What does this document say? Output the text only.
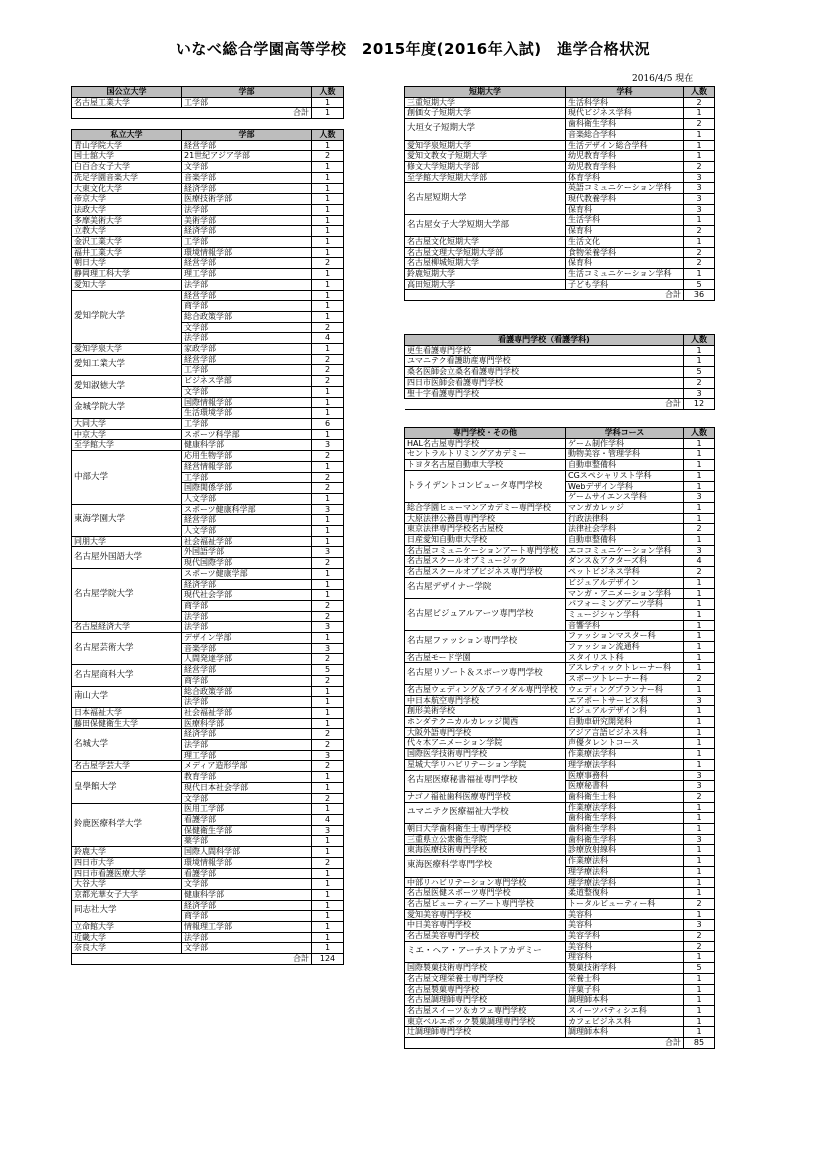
いなべ総合学園高等学校　2015年度(2016年入試)　進学合格状況
2016/4/5 現在
国公立大学	学部	人数
名古屋工業大学	工学部	1
	合計	1
私立大学	学部	人数
青山学院大学	経営学部	1
国士舘大学	21世紀アジア学部	2
白百合女子大学	文学部	1
洗足学園音楽大学	音楽学部	1
大東文化大学	経済学部	1
帝京大学	医療技術学部	1
法政大学	法学部	1
多摩美術大学	美術学部	1
立教大学	経済学部	1
金沢工業大学	工学部	1
福井工業大学	環境情報学部	1
朝日大学	経営学部	2
静岡理工科大学	理工学部	1
愛知大学	法学部	1
愛知学院大学	経営学部	1
	商学部	1
	総合政策学部	1
	文学部	2
	法学部	4
愛知学泉大学	家政学部	1
愛知工業大学	経営学部	2
	工学部	2
愛知淑徳大学	ビジネス学部	2
	文学部	1
金城学院大学	国際情報学部	1
	生活環境学部	1
大同大学	工学部	6
中京大学	スポーツ科学部	1
至学館大学	健康科学部	3
中部大学	応用生物学部	2
	経営情報学部	1
	工学部	2
	国際関係学部	2
	人文学部	1
東海学園大学	スポーツ健康科学部	3
	経営学部	1
	人文学部	1
同朋大学	社会福祉学部	1
名古屋外国語大学	外国語学部	3
	現代国際学部	2
名古屋学院大学	スポーツ健康学部	1
	経済学部	1
	現代社会学部	1
	商学部	2
	法学部	2
名古屋経済大学	法学部	3
名古屋芸術大学	デザイン学部	1
	音楽学部	3
	人間発達学部	2
名古屋商科大学	経営学部	5
	商学部	2
南山大学	総合政策学部	1
	法学部	1
日本福祉大学	社会福祉学部	1
藤田保健衛生大学	医療科学部	1
名城大学	経済学部	2
	法学部	2
	理工学部	3
名古屋学芸大学	メディア造形学部	2
皇學館大学	教育学部	1
	現代日本社会学部	1
	文学部	2
鈴鹿医療科学大学	医用工学部	1
	看護学部	4
	保健衛生学部	3
	薬学部	1
鈴鹿大学	国際人間科学部	1
四日市大学	環境情報学部	2
四日市看護医療大学	看護学部	1
大谷大学	文学部	1
京都光華女子大学	健康科学部	1
同志社大学	経済学部	1
	商学部	1
立命館大学	情報理工学部	1
近畿大学	法学部	1
奈良大学	文学部	1
	合計	124
短期大学	学科	人数
三重短期大学	生活科学科	2
創価女子短期大学	現代ビジネス学科	1
大垣女子短期大学	歯科衛生学科	2
	音楽総合学科	1
愛知学泉短期大学	生活デザイン総合学科	1
愛知文教女子短期大学	幼児教育学科	1
修文大学短期大学部	幼児教育学科	2
至学館大学短期大学部	体育学科	3
名古屋短期大学	英語コミュニケーション学科	3
	現代教養学科	3
	保育科	3
名古屋女子大学短期大学部	生活学科	1
	保育科	2
名古屋文化短期大学	生活文化	1
名古屋文理大学短期大学部	食物栄養学科	2
名古屋柳城短期大学	保育科	2
鈴鹿短期大学	生活コミュニケーション学科	1
高田短期大学	子ども学科	5
	合計	36
看護専門学校（看護学科)	人数
更生看護専門学校	1
ユマニテク看護助産専門学校	1
桑名医師会立桑名看護専門学校	5
四日市医師会看護専門学校	2
聖十字看護専門学校	3
合計	12
専門学校・その他	学科コース	人数
HAL名古屋専門学校	ゲーム制作学科	1
セントラルトリミングアカデミー	動物美容・管理学科	1
トヨタ名古屋自動車大学校	自動車整備科	1
トライデントコンピュータ専門学校	CGスペシャリスト学科	1
	Webデザイン学科	1
	ゲームサイエンス学科	3
総合学園ヒューマンアカデミー専門学校	マンガカレッジ	1
大原法律公務員専門学校	行政法律科	1
東京法律専門学校名古屋校	法律社会学科	2
日産愛知自動車大学校	自動車整備科	1
名古屋コミュニケーションアート専門学校	エココミュニケーション学科	3
名古屋スクールオブミュージック	ダンス＆アクターズ科	4
名古屋スクールオブビジネス専門学校	ペットビジネス学科	2
名古屋デザイナー学院	ビジュアルデザイン	1
	マンガ・アニメーション学科	1
名古屋ビジュアルアーツ専門学校	パフォーミングアーツ学科	1
	ミュージシャン学科	1
	音響学科	1
名古屋ファッション専門学校	ファッションマスター科	1
	ファッション流通科	1
名古屋モード学園	スタイリスト科	1
名古屋リゾート＆スポーツ専門学校	アスレティックトレーナー科	1
	スポーツトレーナー科	2
名古屋ウェディング＆ブライダル専門学校	ウェディングプランナー科	1
中日本航空専門学校	エアポートサービス科	3
創形美術学校	ビジュアルデザイン科	1
ホンダテクニカルカレッジ関西	自動車研究開発科	1
大阪外語専門学校	アジア言語ビジネス科	1
代々木アニメーション学院	声優タレントコース	1
国際医学技術専門学校	作業療法学科	1
星城大学リハビリテーション学院	理学療法学科	1
名古屋医療秘書福祉専門学校	医療事務科	3
	医療秘書科	3
ナゴノ福祉歯科医療専門学校	歯科衛生士科	2
ユマニテク医療福祉大学校	作業療法学科	1
	歯科衛生学科	1
朝日大学歯科衛生士専門学校	歯科衛生学科	1
三重県立公衆衛生学院	歯科衛生学科	3
東海医療技術専門学校	診療放射線科	1
東海医療科学専門学校	作業療法科	1
	理学療法科	1
中部リハビリテーション専門学校	理学療法学科	1
名古屋医健スポーツ専門学校	柔道整復科	1
名古屋ビューティーアート専門学校	トータルビューティー科	2
愛知美容専門学校	美容科	1
中日美容専門学校	美容科	3
名古屋美容専門学校	美容学科	2
ミエ・ヘア・アーチストアカデミー	美容科	2
	理容科	1
国際製菓技術専門学校	製菓技術学科	5
名古屋文理栄養士専門学校	栄養士科	1
名古屋製菓専門学校	洋菓子科	1
名古屋調理師専門学校	調理師本科	1
名古屋スイーツ＆カフェ専門学校	スイーツパティシエ科	1
東京ベルエポック製菓調理専門学校	カフェビジネス科	1
辻調理師専門学校	調理師本科	1
	合計	85
